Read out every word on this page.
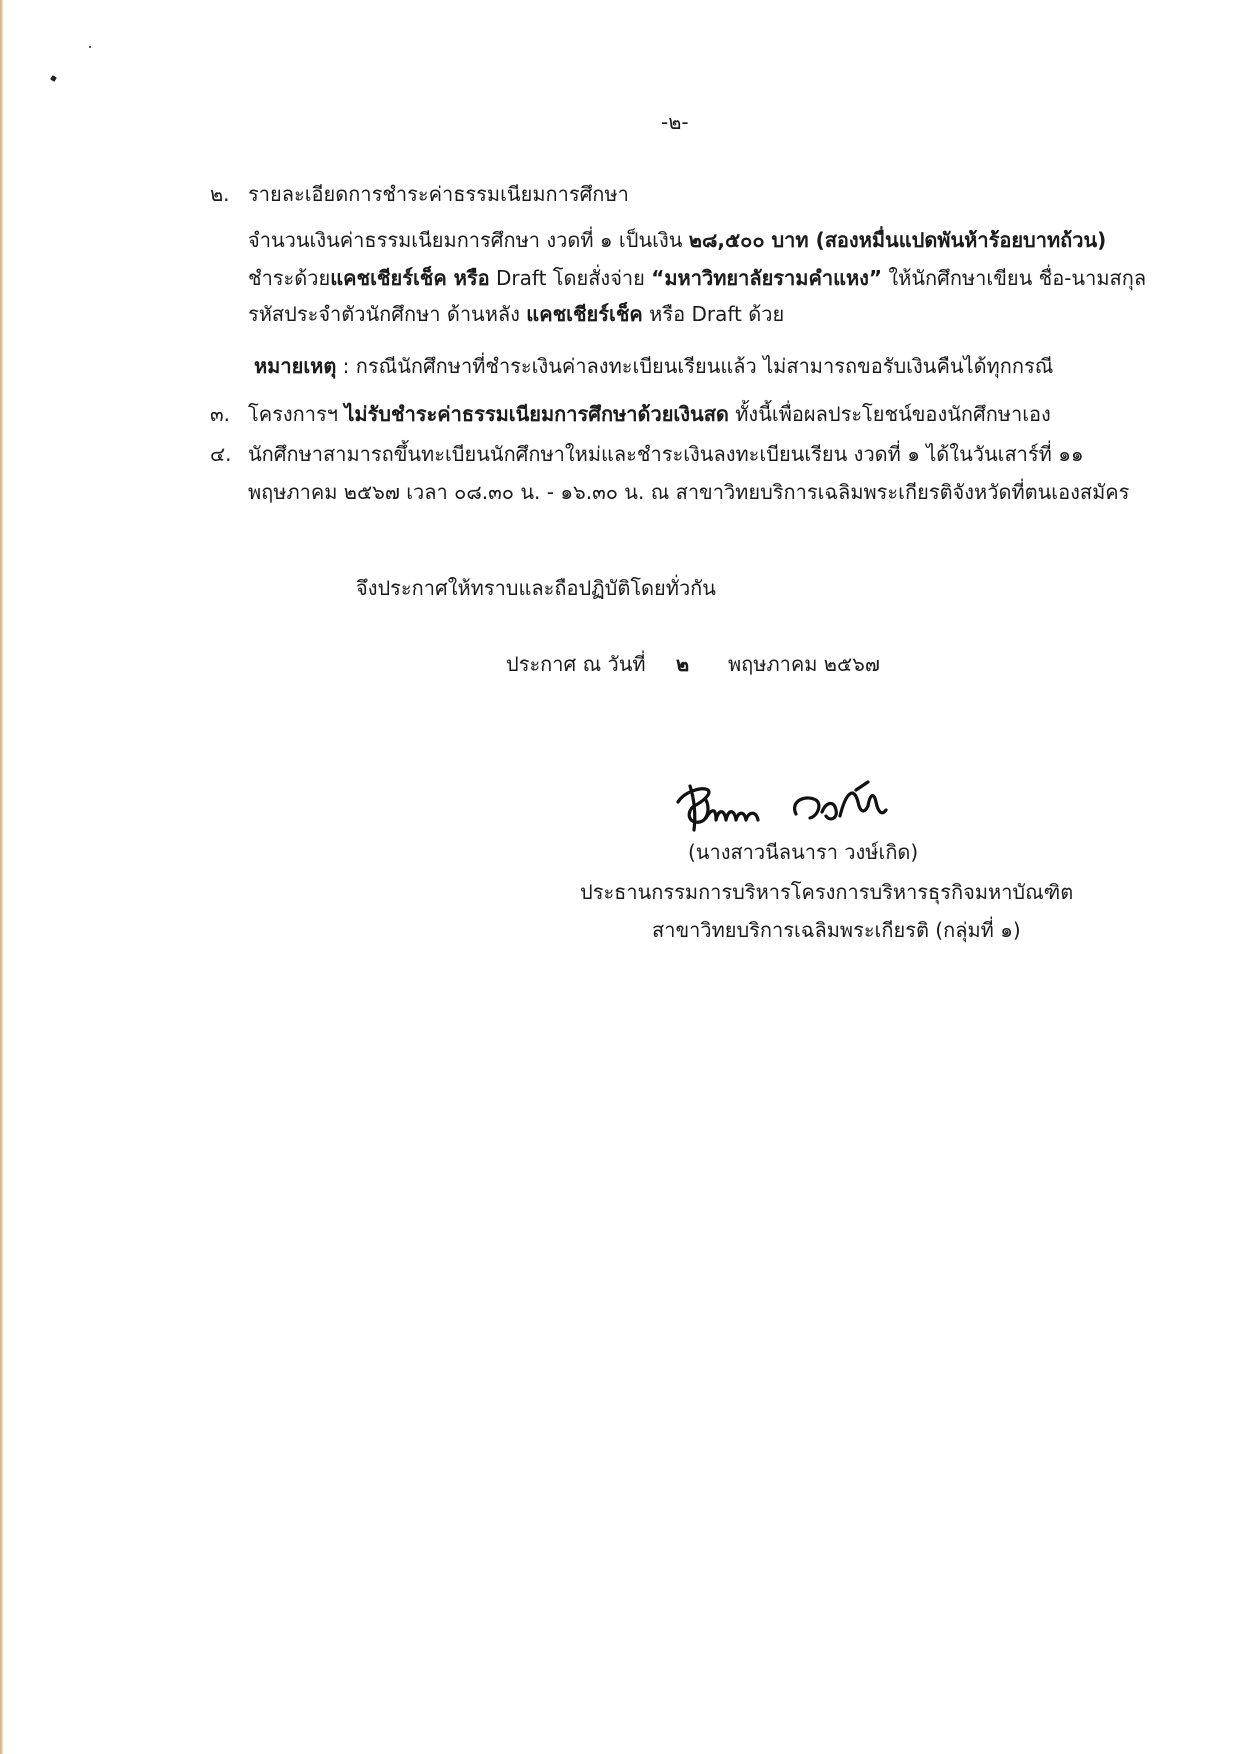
-๒-
๒. รายละเอียดการชำระค่าธรรมเนียมการศึกษา
จำนวนเงินค่าธรรมเนียมการศึกษา งวดที่ ๑ เป็นเงิน ๒๘,๕๐๐ บาท (สองหมื่นแปดพันห้าร้อยบาทถ้วน)
ชำระด้วยแคชเชียร์เช็ค หรือ Draft โดยสั่งจ่าย “มหาวิทยาลัยรามคำแหง” ให้นักศึกษาเขียน ชื่อ-นามสกุล
รหัสประจำตัวนักศึกษา ด้านหลัง แคชเชียร์เช็ค หรือ Draft ด้วย
หมายเหตุ : กรณีนักศึกษาที่ชำระเงินค่าลงทะเบียนเรียนแล้ว ไม่สามารถขอรับเงินคืนได้ทุกกรณี
๓. โครงการฯ ไม่รับชำระค่าธรรมเนียมการศึกษาด้วยเงินสด ทั้งนี้เพื่อผลประโยชน์ของนักศึกษาเอง
๔. นักศึกษาสามารถขึ้นทะเบียนนักศึกษาใหม่และชำระเงินลงทะเบียนเรียน งวดที่ ๑ ได้ในวันเสาร์ที่ ๑๑
พฤษภาคม ๒๕๖๗ เวลา ๐๘.๓๐ น. - ๑๖.๓๐ น. ณ สาขาวิทยบริการเฉลิมพระเกียรติจังหวัดที่ตนเองสมัคร
จึงประกาศให้ทราบและถือปฏิบัติโดยทั่วกัน
ประกาศ ณ วันที่ ๒ พฤษภาคม ๒๕๖๗
(นางสาวนีลนารา วงษ์เกิด)
ประธานกรรมการบริหารโครงการบริหารธุรกิจมหาบัณฑิต
สาขาวิทยบริการเฉลิมพระเกียรติ (กลุ่มที่ ๑)
